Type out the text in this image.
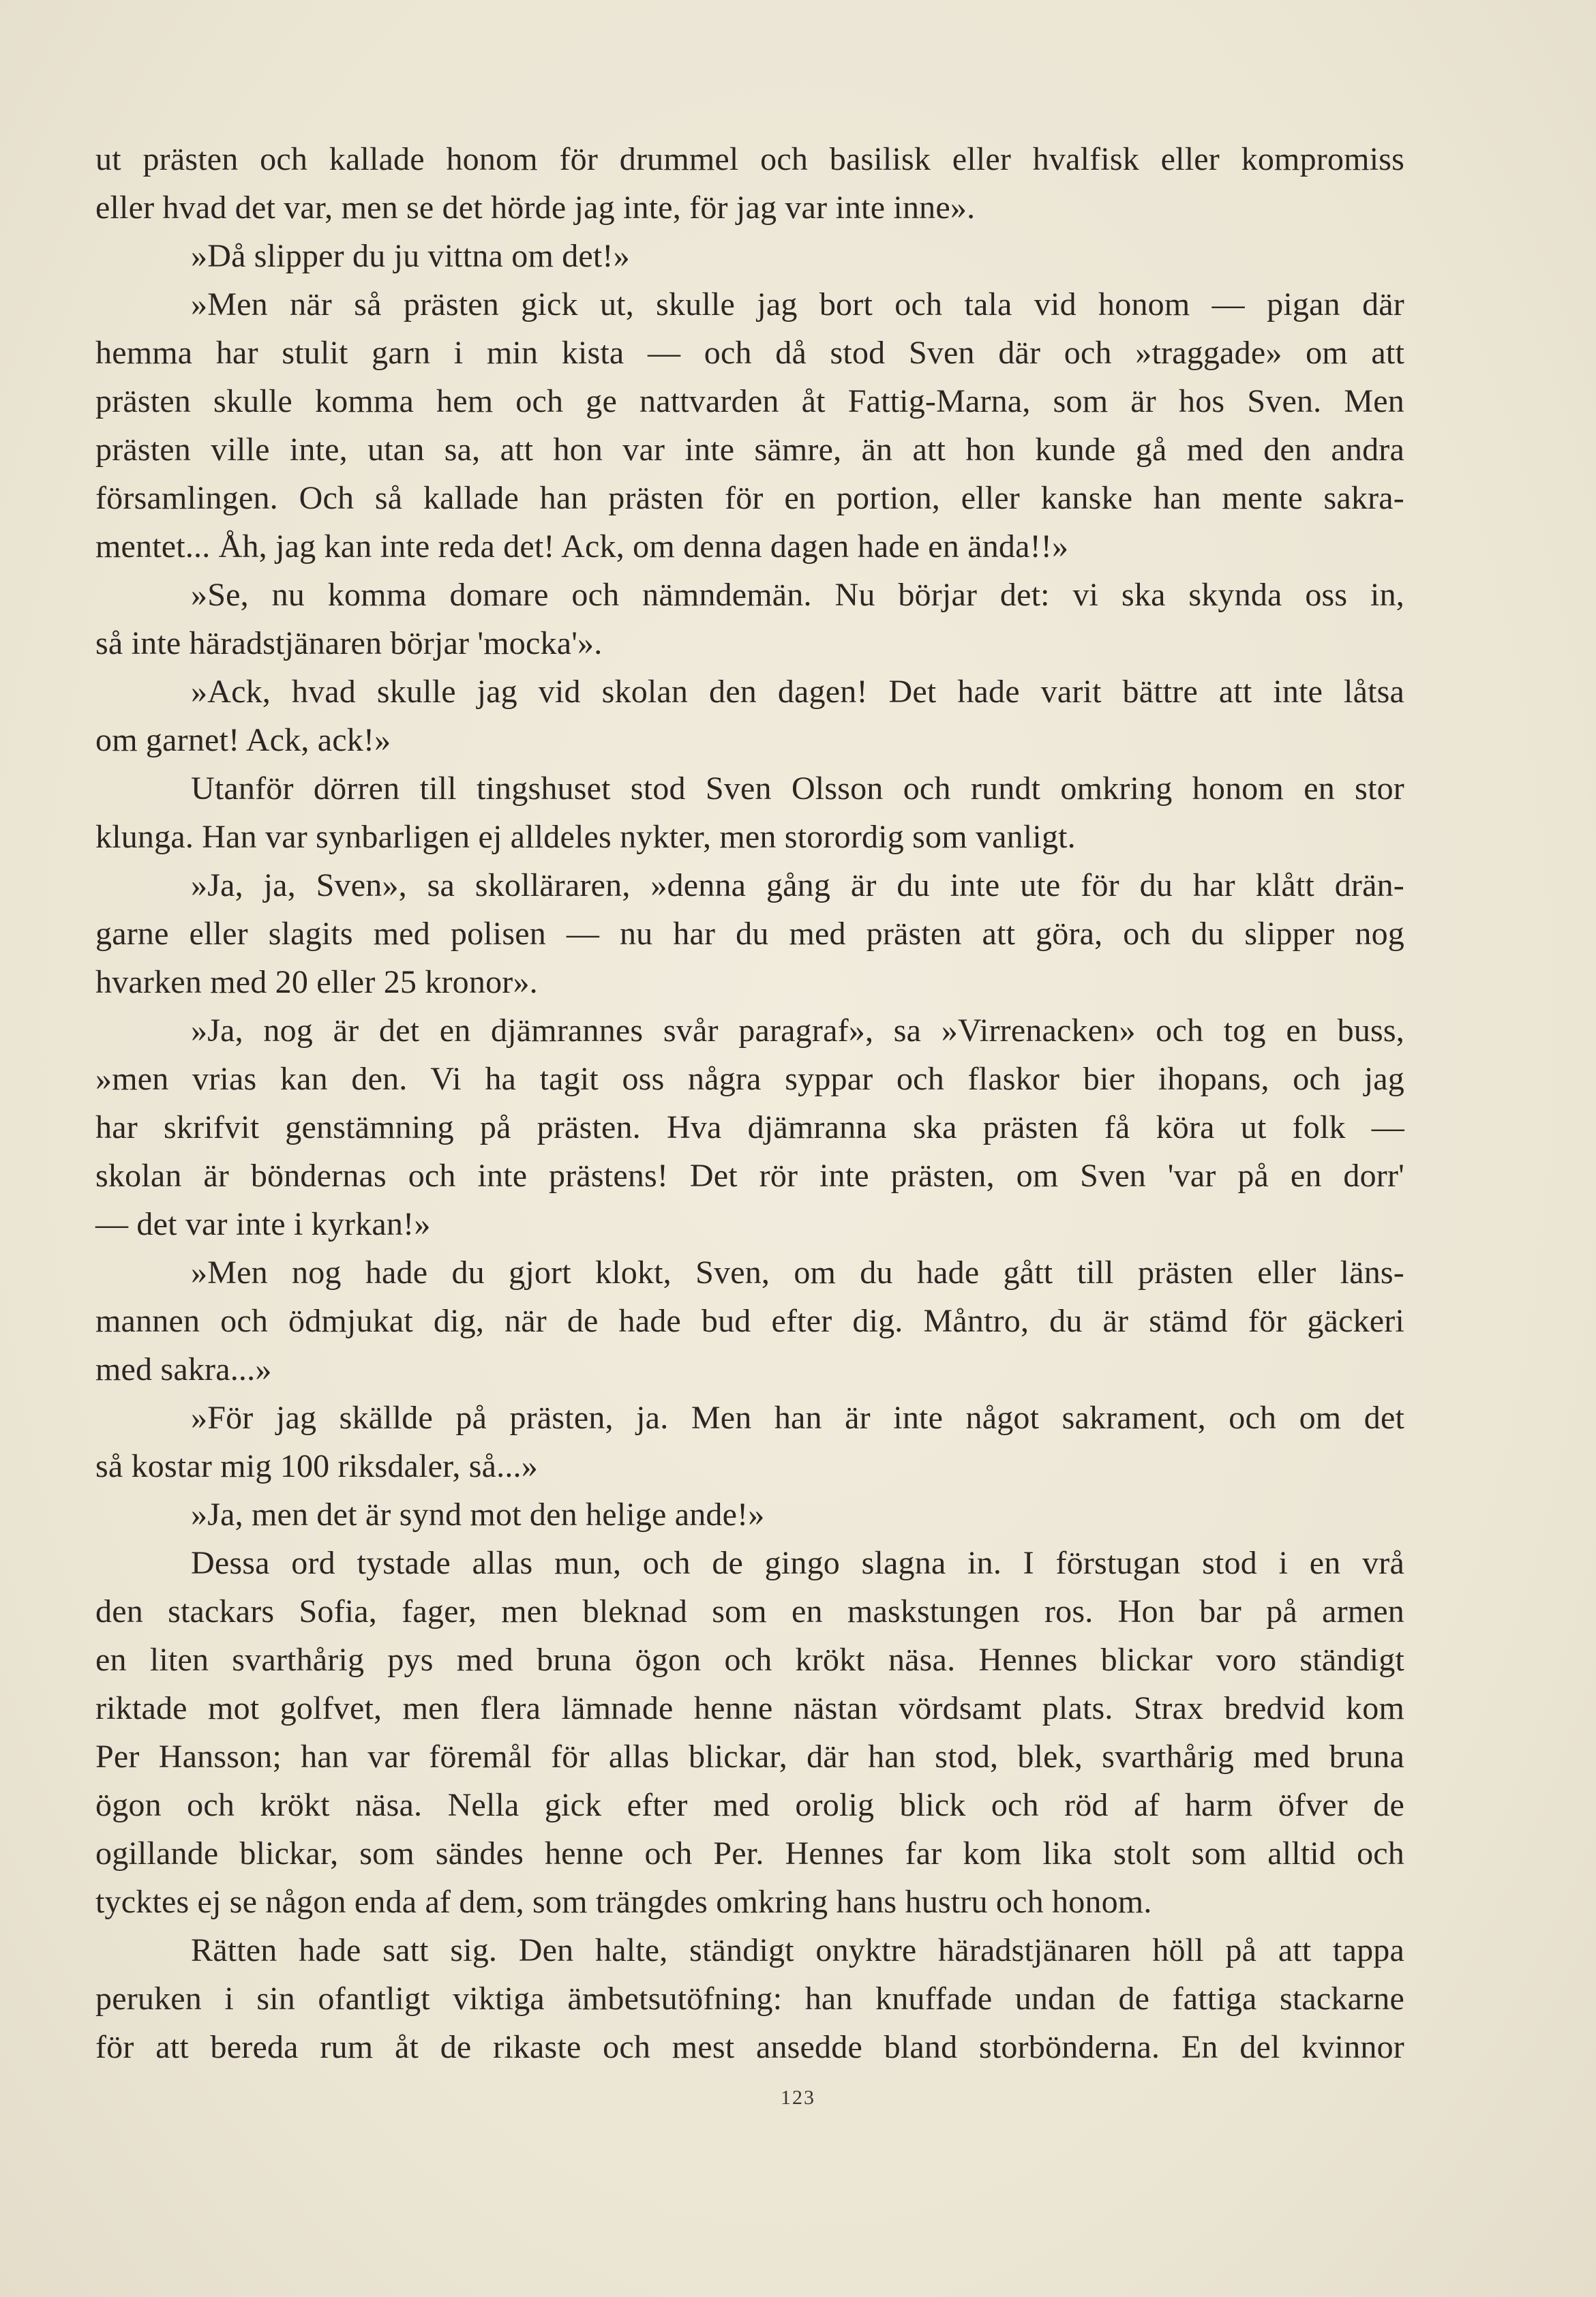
ut prästen och kallade honom för drummel och basilisk eller hvalfisk eller kompromiss
eller hvad det var, men se det hörde jag inte, för jag var inte inne».
»Då slipper du ju vittna om det!»
»Men när så prästen gick ut, skulle jag bort och tala vid honom — pigan där
hemma har stulit garn i min kista — och då stod Sven där och »traggade» om att
prästen skulle komma hem och ge nattvarden åt Fattig-Marna, som är hos Sven. Men
prästen ville inte, utan sa, att hon var inte sämre, än att hon kunde gå med den andra
församlingen. Och så kallade han prästen för en portion, eller kanske han mente sakra-
mentet... Åh, jag kan inte reda det! Ack, om denna dagen hade en ända!!»
»Se, nu komma domare och nämndemän. Nu börjar det: vi ska skynda oss in,
så inte häradstjänaren börjar 'mocka'».
»Ack, hvad skulle jag vid skolan den dagen! Det hade varit bättre att inte låtsa
om garnet! Ack, ack!»
Utanför dörren till tingshuset stod Sven Olsson och rundt omkring honom en stor
klunga. Han var synbarligen ej alldeles nykter, men storordig som vanligt.
»Ja, ja, Sven», sa skolläraren, »denna gång är du inte ute för du har klått drän-
garne eller slagits med polisen — nu har du med prästen att göra, och du slipper nog
hvarken med 20 eller 25 kronor».
»Ja, nog är det en djämrannes svår paragraf», sa »Virrenacken» och tog en buss,
»men vrias kan den. Vi ha tagit oss några syppar och flaskor bier ihopans, och jag
har skrifvit genstämning på prästen. Hva djämranna ska prästen få köra ut folk —
skolan är böndernas och inte prästens! Det rör inte prästen, om Sven 'var på en dorr'
— det var inte i kyrkan!»
»Men nog hade du gjort klokt, Sven, om du hade gått till prästen eller läns-
mannen och ödmjukat dig, när de hade bud efter dig. Måntro, du är stämd för gäckeri
med sakra...»
»För jag skällde på prästen, ja. Men han är inte något sakrament, och om det
så kostar mig 100 riksdaler, så...»
»Ja, men det är synd mot den helige ande!»
Dessa ord tystade allas mun, och de gingo slagna in. I förstugan stod i en vrå
den stackars Sofia, fager, men bleknad som en maskstungen ros. Hon bar på armen
en liten svarthårig pys med bruna ögon och krökt näsa. Hennes blickar voro ständigt
riktade mot golfvet, men flera lämnade henne nästan vördsamt plats. Strax bredvid kom
Per Hansson; han var föremål för allas blickar, där han stod, blek, svarthårig med bruna
ögon och krökt näsa. Nella gick efter med orolig blick och röd af harm öfver de
ogillande blickar, som sändes henne och Per. Hennes far kom lika stolt som alltid och
tycktes ej se någon enda af dem, som trängdes omkring hans hustru och honom.
Rätten hade satt sig. Den halte, ständigt onyktre häradstjänaren höll på att tappa
peruken i sin ofantligt viktiga ämbetsutöfning: han knuffade undan de fattiga stackarne
för att bereda rum åt de rikaste och mest ansedde bland storbönderna. En del kvinnor
123
